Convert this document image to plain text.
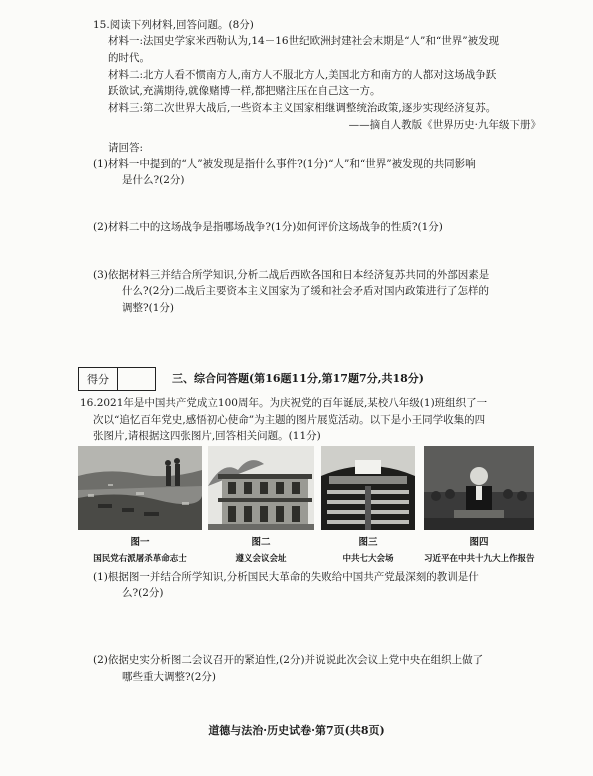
15.阅读下列材料,回答问题。(8分)
材料一:法国史学家米西勒认为,14－16世纪欧洲封建社会末期是“人”和“世界”被发现
的时代。
材料二:北方人看不惯南方人,南方人不服北方人,美国北方和南方的人都对这场战争跃
跃欲试,充满期待,就像赌博一样,都把赌注压在自己这一方。
材料三:第二次世界大战后,一些资本主义国家相继调整统治政策,逐步实现经济复苏。
——摘自人教版《世界历史·九年级下册》
请回答:
(1)材料一中提到的“人”被发现是指什么事件?(1分)“人”和“世界”被发现的共同影响
是什么?(2分)
(2)材料二中的这场战争是指哪场战争?(1分)如何评价这场战争的性质?(1分)
(3)依据材料三并结合所学知识,分析二战后西欧各国和日本经济复苏共同的外部因素是
什么?(2分)二战后主要资本主义国家为了缓和社会矛盾对国内政策进行了怎样的
调整?(1分)
得分	三、综合问答题(第16题11分,第17题7分,共18分)
16.2021年是中国共产党成立100周年。为庆祝党的百年诞辰,某校八年级(1)班组织了一
次以“追忆百年党史,感悟初心使命”为主题的图片展览活动。以下是小王同学收集的四
张图片,请根据这四张图片,回答相关问题。(11分)
图一
国民党右派屠杀革命志士
图二
遵义会议会址
图三
中共七大会场
图四
习近平在中共十九大上作报告
(1)根据图一并结合所学知识,分析国民大革命的失败给中国共产党最深刻的教训是什
么?(2分)
(2)依据史实分析图二会议召开的紧迫性,(2分)并说说此次会议上党中央在组织上做了
哪些重大调整?(2分)
道德与法治·历史试卷·第7页(共8页)
